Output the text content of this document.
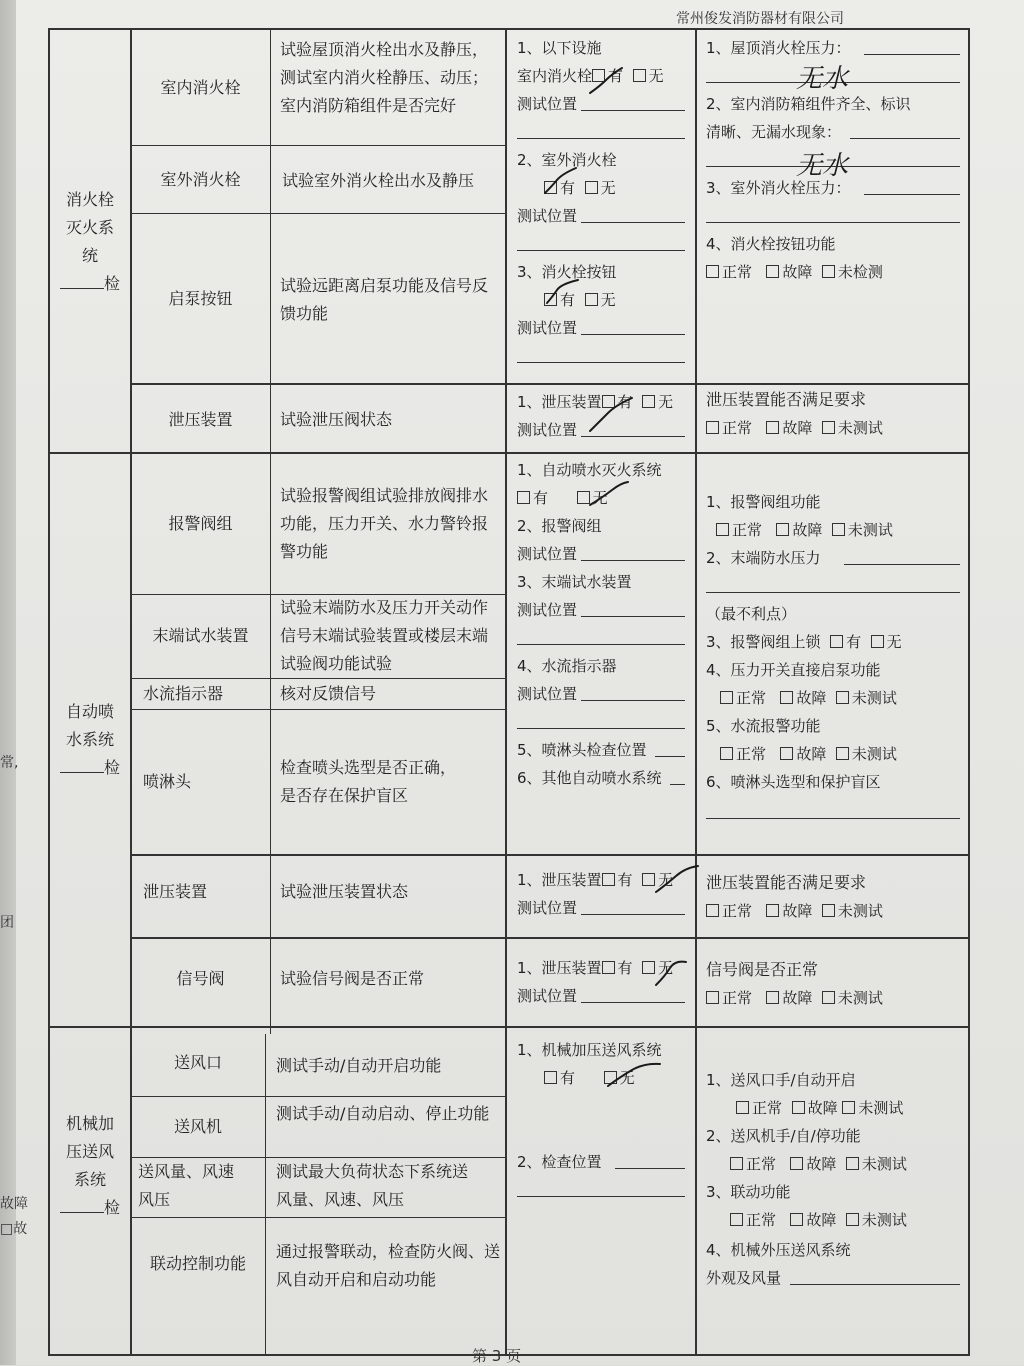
常,
团
故障
□故
常州俊发消防器材有限公司
消火栓
灭火系
统
检
室内消火栓
室外消火栓
启泵按钮
泄压装置
试验屋顶消火栓出水及静压，测试室内消火栓静压、动压；室内消防箱组件是否完好
试验室外消火栓出水及静压
试验远距离启泵功能及信号反馈功能
试验泄压阀状态
1、以下设施
室内消火栓 有 无
测试位置
2、室外消火栓
有 无
测试位置
3、消火栓按钮
有 无
测试位置
1、屋顶消火栓压力：
2、室内消防箱组件齐全、标识
清晰、无漏水现象：
3、室外消火栓压力：
4、消火栓按钮功能
正常 故障 未检测
1、泄压装置 有 无
测试位置
泄压装置能否满足要求
正常 故障 未测试
自动喷
水系统
检
报警阀组
末端试水装置
水流指示器
喷淋头
泄压装置
信号阀
试验报警阀组试验排放阀排水功能，压力开关、水力警铃报警功能
试验末端防水及压力开关动作信号末端试验装置或楼层末端试验阀功能试验
核对反馈信号
检查喷头选型是否正确，是否存在保护盲区
试验泄压装置状态
试验信号阀是否正常
1、自动喷水灭火系统
有	无
2、报警阀组
测试位置
3、末端试水装置
测试位置
4、水流指示器
测试位置
5、喷淋头检查位置
6、其他自动喷水系统
1、报警阀组功能
正常 故障 未测试
2、末端防水压力
（最不利点）
3、报警阀组上锁 有 无
4、压力开关直接启泵功能
正常 故障 未测试
5、水流报警功能
正常 故障 未测试
6、喷淋头选型和保护盲区
1、泄压装置 有 无
测试位置
泄压装置能否满足要求
正常 故障 未测试
1、泄压装置 有 无
测试位置
信号阀是否正常
正常 故障 未测试
机械加
压送风
系统
检
送风口
送风机
送风量、风速风压
联动控制功能
测试手动/自动开启功能
测试手动/自动启动、停止功能
测试最大负荷状态下系统送风量、风速、风压
通过报警联动，检查防火阀、送风自动开启和启动功能
1、机械加压送风系统
有	无
2、检查位置
1、送风口手/自动开启
正常 故障 未测试
2、送风机手/自/停功能
正常 故障 未测试
3、联动功能
正常 故障 未测试
4、机械外压送风系统
外观及风量
无水
无水
第 3 页
